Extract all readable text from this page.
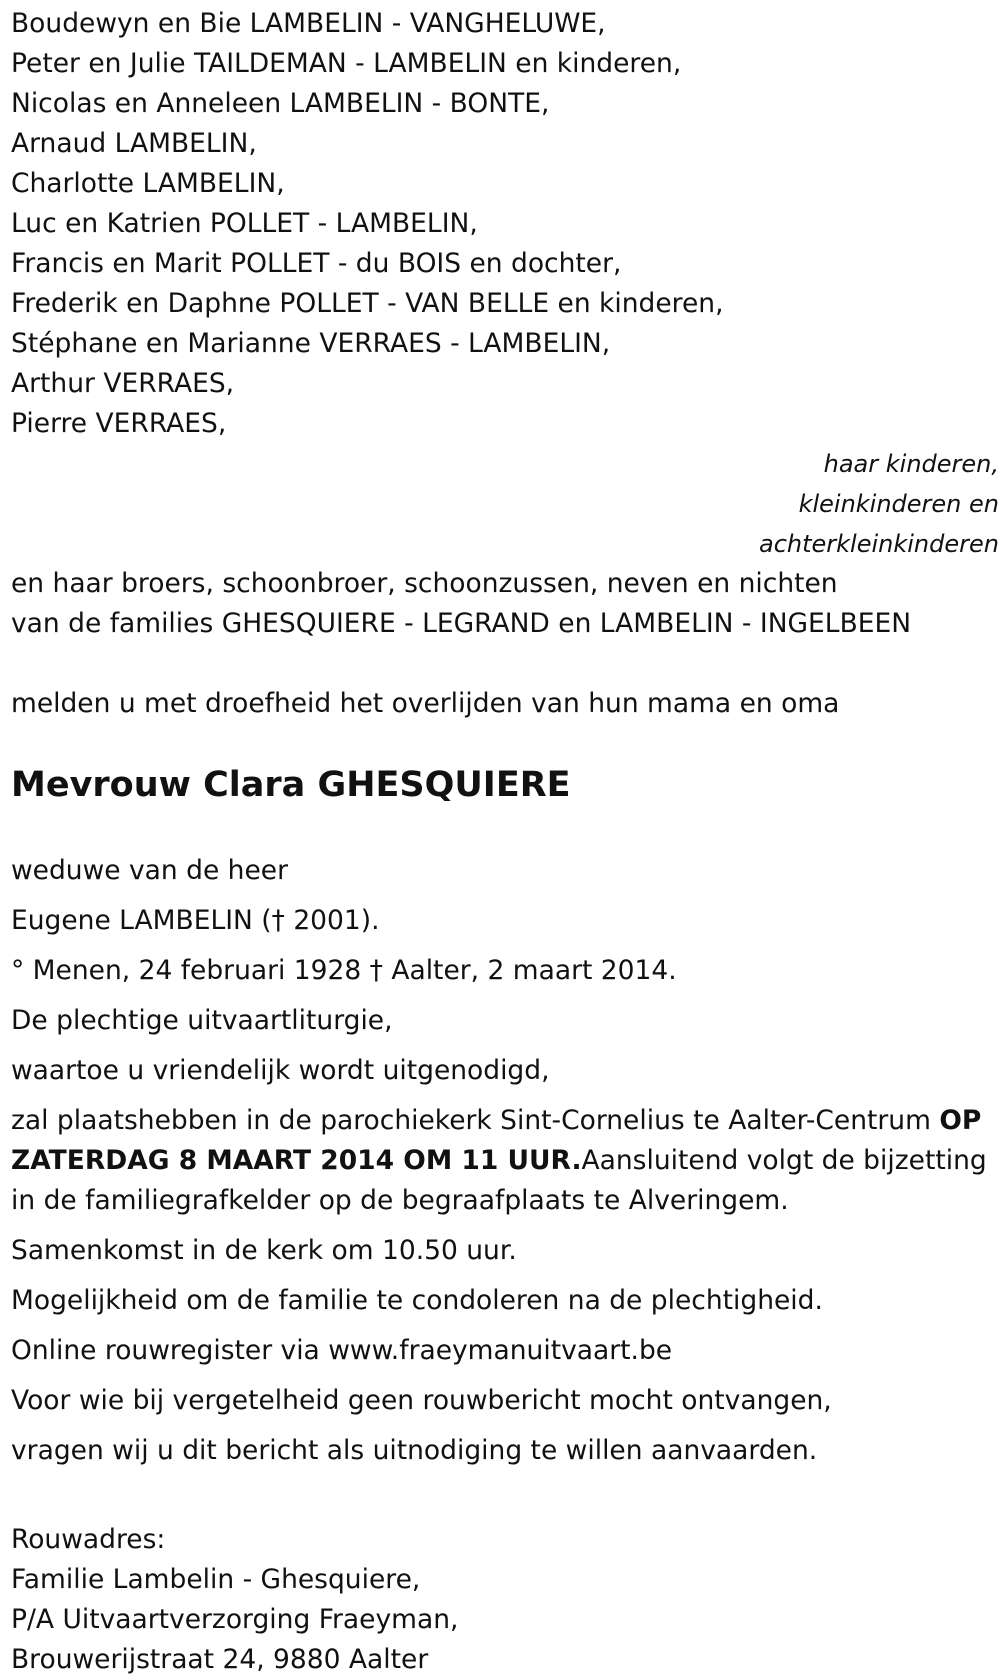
Boudewyn en Bie LAMBELIN - VANGHELUWE,
Peter en Julie TAILDEMAN - LAMBELIN en kinderen,
Nicolas en Anneleen LAMBELIN - BONTE,
Arnaud LAMBELIN,
Charlotte LAMBELIN,
Luc en Katrien POLLET - LAMBELIN,
Francis en Marit POLLET - du BOIS en dochter,
Frederik en Daphne POLLET - VAN BELLE en kinderen,
Stéphane en Marianne VERRAES - LAMBELIN,
Arthur VERRAES,
Pierre VERRAES,
haar kinderen,
kleinkinderen en
achterkleinkinderen
en haar broers, schoonbroer, schoonzussen, neven en nichten
van de families GHESQUIERE - LEGRAND en LAMBELIN - INGELBEEN
melden u met droefheid het overlijden van hun mama en oma
Mevrouw Clara GHESQUIERE
weduwe van de heer
Eugene LAMBELIN († 2001).
° Menen, 24 februari 1928 † Aalter, 2 maart 2014.
De plechtige uitvaartliturgie,
waartoe u vriendelijk wordt uitgenodigd,
zal plaatshebben in de parochiekerk Sint-Cornelius te Aalter-Centrum OP ZATERDAG 8 MAART 2014 OM 11 UUR.Aansluitend volgt de bijzetting in de familiegrafkelder op de begraafplaats te Alveringem.
Samenkomst in de kerk om 10.50 uur.
Mogelijkheid om de familie te condoleren na de plechtigheid.
Online rouwregister via www.fraeymanuitvaart.be
Voor wie bij vergetelheid geen rouwbericht mocht ontvangen,
vragen wij u dit bericht als uitnodiging te willen aanvaarden.
Rouwadres:
Familie Lambelin - Ghesquiere,
P/A Uitvaartverzorging Fraeyman,
Brouwerijstraat 24, 9880 Aalter
